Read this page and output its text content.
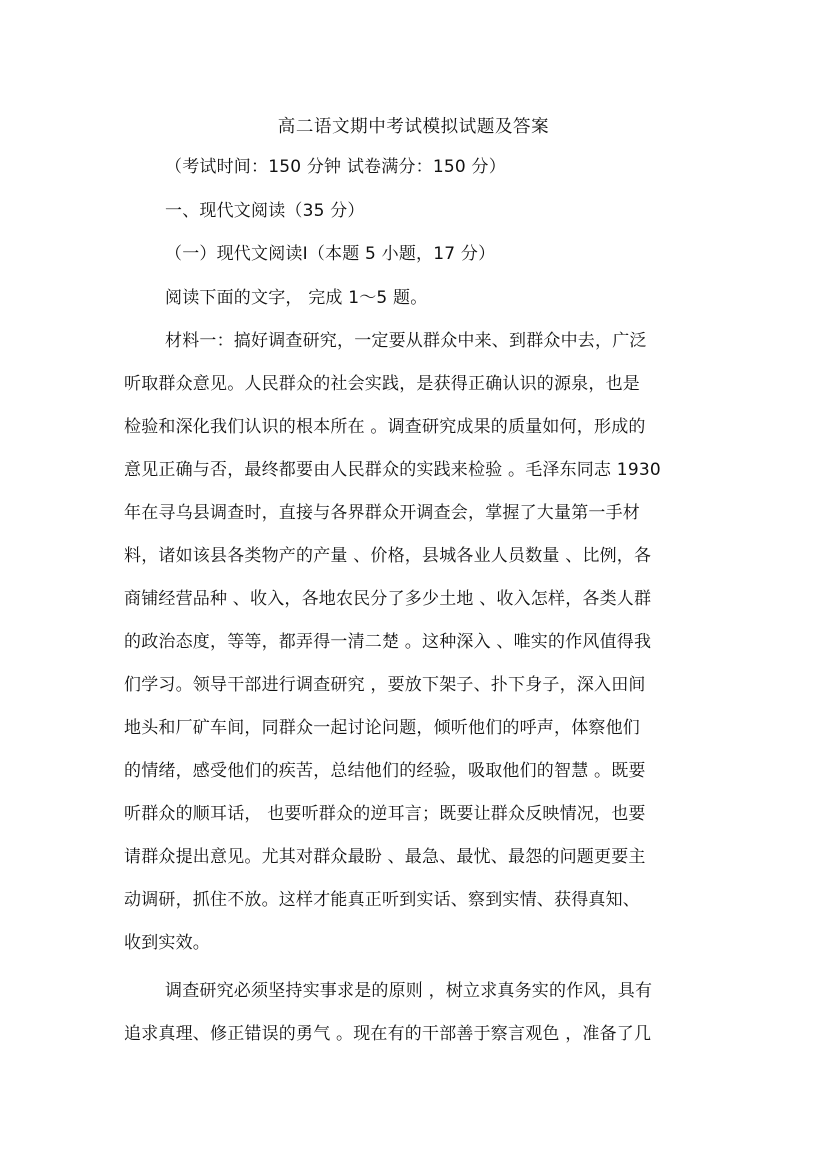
高二语文期中考试模拟试题及答案
（考试时间：150 分钟 试卷满分：150 分）
一、现代文阅读（35 分）
（一）现代文阅读Ⅰ（本题 5 小题，17 分）
阅读下面的文字， 完成 1～5 题。
材料一：搞好调查研究，一定要从群众中来、到群众中去，广泛
听取群众意见。人民群众的社会实践，是获得正确认识的源泉，也是
检验和深化我们认识的根本所在 。调查研究成果的质量如何，形成的
意见正确与否，最终都要由人民群众的实践来检验 。毛泽东同志 1930
年在寻乌县调查时，直接与各界群众开调查会，掌握了大量第一手材
料，诸如该县各类物产的产量 、价格，县城各业人员数量 、比例，各
商铺经营品种 、收入，各地农民分了多少土地 、收入怎样，各类人群
的政治态度，等等，都弄得一清二楚 。这种深入 、唯实的作风值得我
们学习。领导干部进行调查研究 ，要放下架子、扑下身子，深入田间
地头和厂矿车间，同群众一起讨论问题，倾听他们的呼声，体察他们
的情绪，感受他们的疾苦，总结他们的经验，吸取他们的智慧 。既要
听群众的顺耳话， 也要听群众的逆耳言；既要让群众反映情况，也要
请群众提出意见。尤其对群众最盼 、最急、最忧、最怨的问题更要主
动调研，抓住不放。这样才能真正听到实话、察到实情、获得真知、
收到实效。
调查研究必须坚持实事求是的原则 ，树立求真务实的作风，具有
追求真理、修正错误的勇气 。现在有的干部善于察言观色 ，准备了几
